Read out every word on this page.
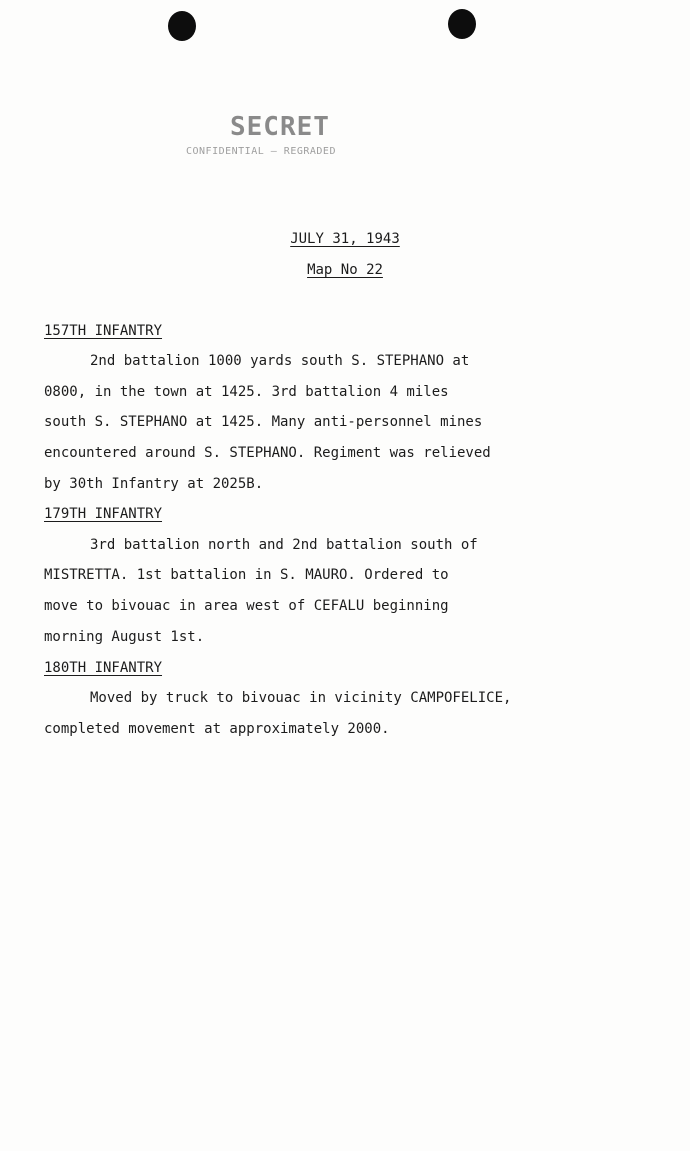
SECRET
CONFIDENTIAL — REGRADED
JULY 31, 1943
Map No 22
157TH INFANTRY
2nd battalion 1000 yards south S. STEPHANO at
0800, in the town at 1425. 3rd battalion 4 miles
south S. STEPHANO at 1425. Many anti-personnel mines
encountered around S. STEPHANO. Regiment was relieved
by 30th Infantry at 2025B.
179TH INFANTRY
3rd battalion north and 2nd battalion south of
MISTRETTA. 1st battalion in S. MAURO. Ordered to
move to bivouac in area west of CEFALU beginning
morning August 1st.
180TH INFANTRY
Moved by truck to bivouac in vicinity CAMPOFELICE,
completed movement at approximately 2000.
